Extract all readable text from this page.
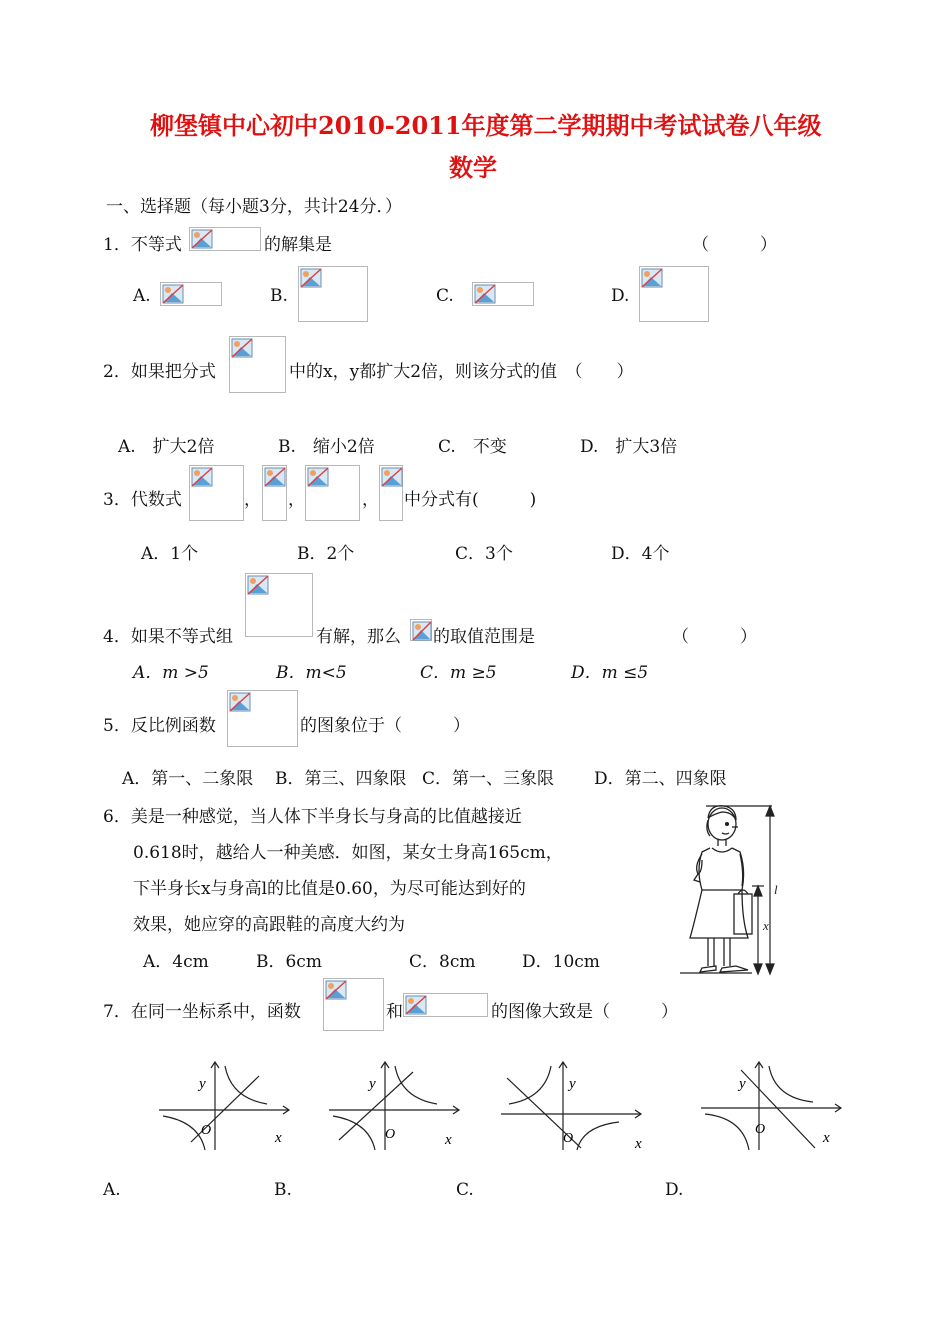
柳堡镇中心初中2010-2011年度第二学期期中考试试卷八年级
数学
一、选择题（每小题3分，共计24分．）
1．不等式	的解集是	（　　　）
A.	B.	C.	D.
2．如果把分式	中的x，y都扩大2倍，则该分式的值　（　　）
A.　扩大2倍	B.　缩小2倍	C.　不变	D.　扩大3倍
3．代数式	， ，	， 中分式有(　　　)
A．1个	B．2个	C．3个	D．4个
4．如果不等式组	有解，那么 的取值范围是	（　　　）
A．m >5	B．m<5	C．m ≥5	D．m ≤5
5．反比例函数	的图象位于（　　　）
A．第一、二象限 B．第三、四象限 C．第一、三象限 D．第二、四象限
6．美是一种感觉，当人体下半身长与身高的比值越接近
0.618时，越给人一种美感．如图，某女士身高165cm，
下半身长x与身高l的比值是0.60，为尽可能达到好的
效果，她应穿的高跟鞋的高度大约为
A．4cm	B．6cm	C．8cm	D．10cm
l
x
7．在同一坐标系中，函数	和	的图像大致是（　　　）
y
O	x
y
O	x
y
O	x
y
O
x
A.	B.	C.	D.
